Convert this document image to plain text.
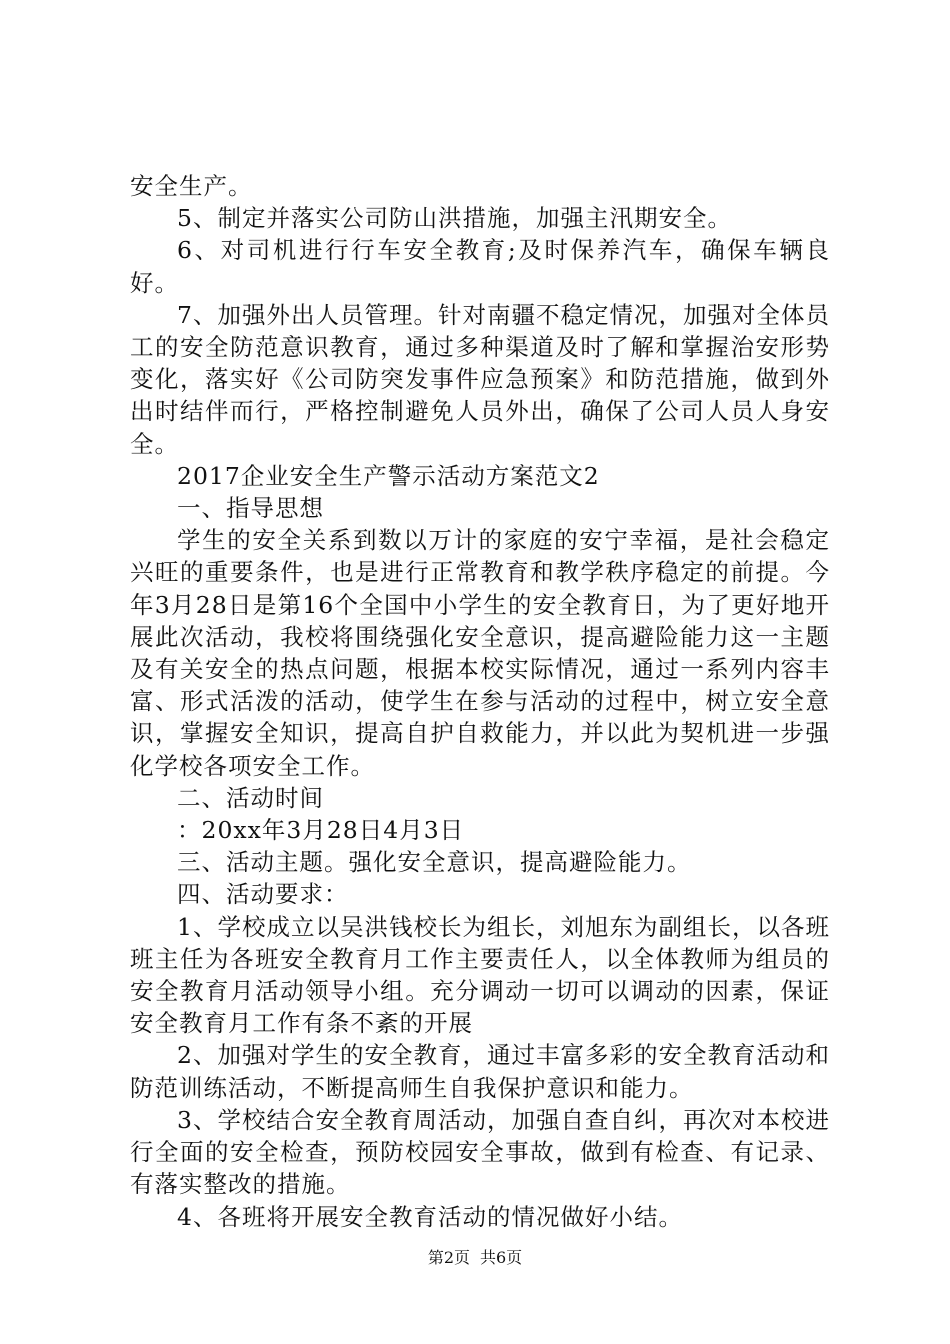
安全生产。

5、制定并落实公司防山洪措施，加强主汛期安全。

6、对司机进行行车安全教育;及时保养汽车，确保车辆良好。

7、加强外出人员管理。针对南疆不稳定情况，加强对全体员工的安全防范意识教育，通过多种渠道及时了解和掌握治安形势变化，落实好《公司防突发事件应急预案》和防范措施，做到外出时结伴而行，严格控制避免人员外出，确保了公司人员人身安全。

2017企业安全生产警示活动方案范文2

一、指导思想

学生的安全关系到数以万计的家庭的安宁幸福，是社会稳定兴旺的重要条件，也是进行正常教育和教学秩序稳定的前提。今年3月28日是第16个全国中小学生的安全教育日，为了更好地开展此次活动，我校将围绕强化安全意识，提高避险能力这一主题及有关安全的热点问题，根据本校实际情况，通过一系列内容丰富、形式活泼的活动，使学生在参与活动的过程中，树立安全意识，掌握安全知识，提高自护自救能力，并以此为契机进一步强化学校各项安全工作。

二、活动时间

：20xx年3月28日4月3日

三、活动主题。强化安全意识，提高避险能力。

四、活动要求：

1、学校成立以吴洪钱校长为组长，刘旭东为副组长，以各班班主任为各班安全教育月工作主要责任人，以全体教师为组员的安全教育月活动领导小组。充分调动一切可以调动的因素，保证安全教育月工作有条不紊的开展

2、加强对学生的安全教育，通过丰富多彩的安全教育活动和防范训练活动，不断提高师生自我保护意识和能力。

3、学校结合安全教育周活动，加强自查自纠，再次对本校进行全面的安全检查，预防校园安全事故，做到有检查、有记录、有落实整改的措施。

4、各班将开展安全教育活动的情况做好小结。

第2页 共6页
